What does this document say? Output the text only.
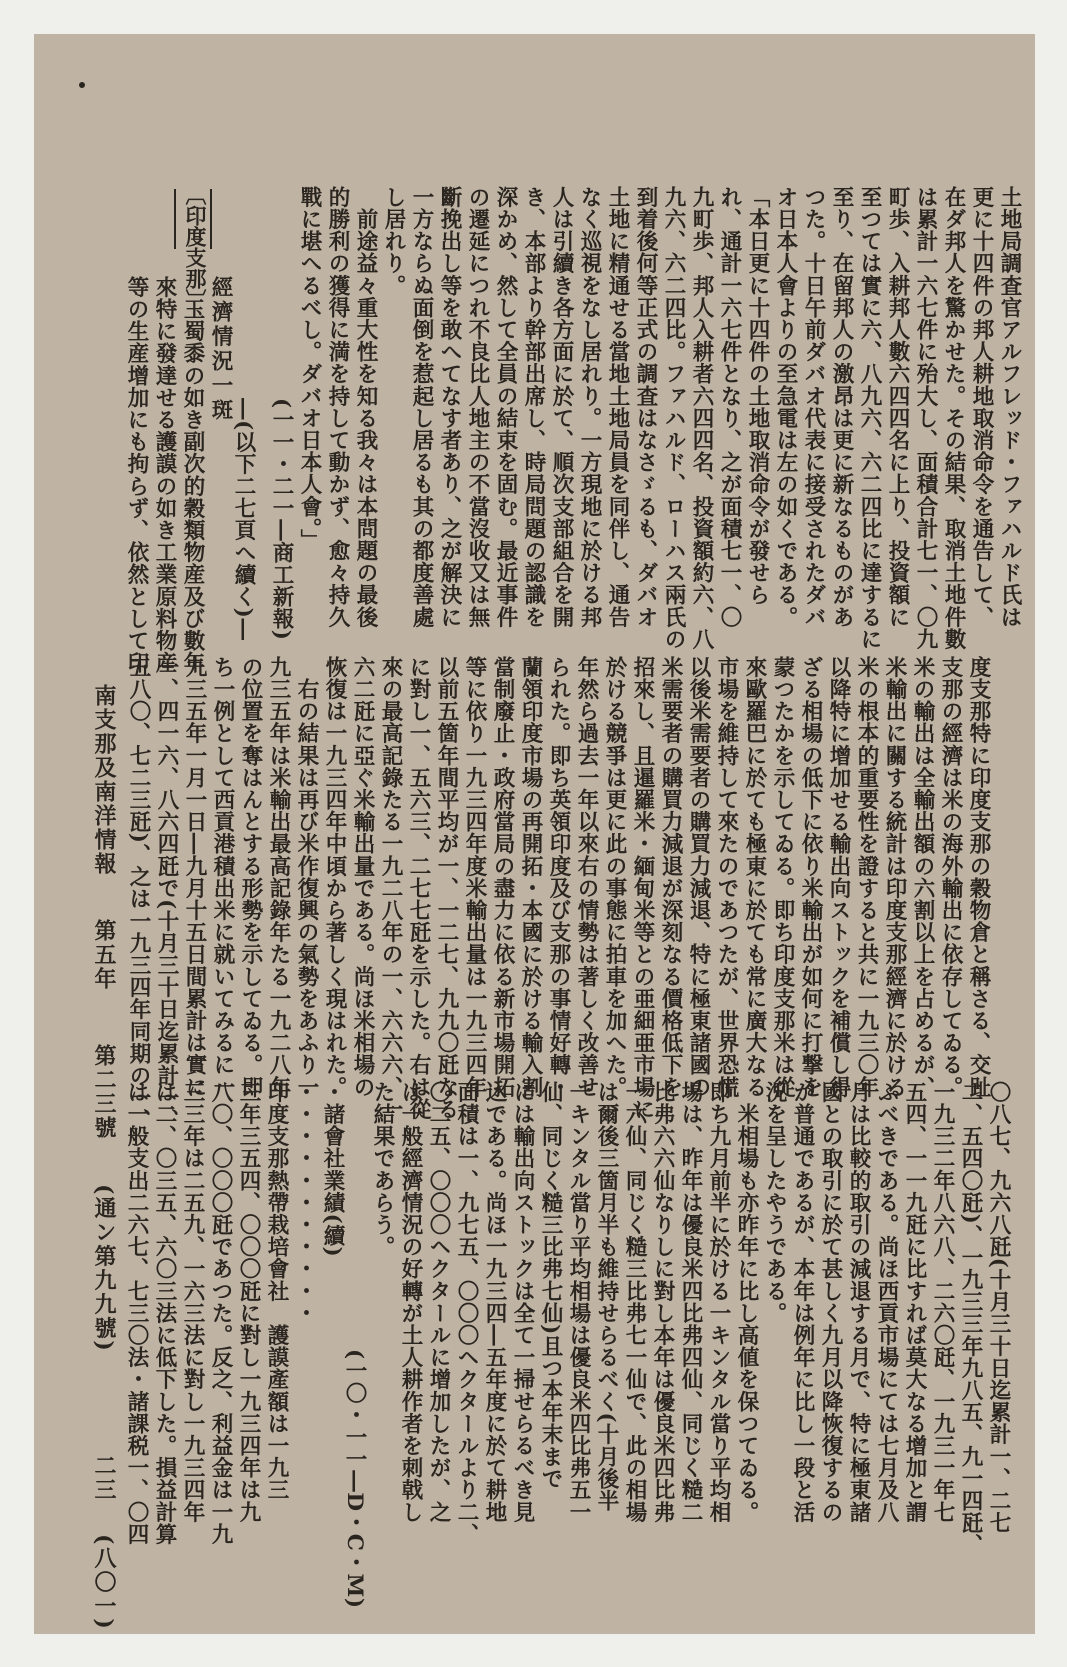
土地局調査官アルフレッド・ファハルド氏は
更に十四件の邦人耕地取消命令を通告して、
在ダ邦人を驚かせた。その結果、取消土地件數
は累計一六七件に殆大し、面積合計七一、〇九
町歩、入耕邦人數六四四名に上り、投資額に
至つては實に六、八九六、六二四比に達するに
至り、在留邦人の激昂は更に新なるものがあ
つた。十日午前ダバオ代表に接受されたダバ
オ日本人會よりの至急電は左の如くである。
「本日更に十四件の土地取消命令が發せら
れ、通計一六七件となり、之が面積七一、〇
九町歩、邦人入耕者六四四名、投資額約六、八
九六、六二四比。ファハルド、ローハス兩氏の
到着後何等正式の調査はなさゞるも、ダバオ
土地に精通せる當地土地局員を同伴し、通告
なく巡視をなし居れり。一方現地に於ける邦
人は引續き各方面に於て、順次支部組合を開
き、本部より幹部出席し、時局問題の認識を
深かめ、然して全員の結束を固む。最近事件
の遷延につれ不良比人地主の不當沒收又は無
斷挽出し等を敢へてなす者あり、之が解決に
一方ならぬ面倒を惹起し居るも其の都度善處
し居れり。
　前途益々重大性を知る我々は本問題の最後
的勝利の獲得に満を持して動かず、愈々持久
戰に堪へるべし。ダバオ日本人會。」
(一一・二一―商工新報)
―(以下二七頁へ續く)―
〔印度支那〕
經濟情況一斑
　玉蜀黍の如き副次的穀類物産及び數年
來特に發達せる護謨の如き工業原料物産
等の生産增加にも拘らず、依然として印
南支那及南洋情報
第五年
第二三號
(通ン第九九號)
二三
(八〇一)
度支那特に印度支那の穀物倉と稱さる、交趾
支那の經濟は米の海外輸出に依存してゐる。
米の輸出は全輸出額の六割以上を占めるが、
米輸出に關する統計は印度支那經濟に於ける
米の根本的重要性を證すると共に一九三〇年
以降特に增加せる輸出向ストックを補償し得
ざる相場の低下に依り米輸出が如何に打撃を
蒙つたかを示してゐる。即ち印度支那米は從
來歐羅巴に於ても極東に於ても常に廣大なる
市場を維持して來たのであつたが、世界恐慌
以後米需要者の購買力減退、特に極東諸國の
米需要者の購買力減退が深刻なる價格低下を
招來し、且暹羅米・緬甸米等との亜細亜市場に
於ける競爭は更に此の事態に拍車を加へた。
年然ら過去一年以來右の情勢は著しく改善せ
られた。即ち英領印度及び支那の事情好轉・
蘭領印度市場の再開拓・本國に於ける輸入割
當制廢止・政府當局の盡力に依る新市場開拓
等に依り一九三四年度米輸出量は一九三四年
以前五箇年間平均が一、一二七、九九〇瓩なる
に對し一、五六三、二七七瓩を示した。右は從
來の最高記錄たる一九二八年の一、六六六、一
六二瓩に亞ぐ米輸出量である。尚ほ米相場の
恢復は一九三四年中頃から著しく現はれた。
　右の結果は再び米作復興の氣勢をあふり一
九三五年は米輸出最高記錄年たる一九二八年
の位置を奪はんとする形勢を示してゐる。即
ち一例として西貢港積出米に就いてみるに一
九三五年一月一日―九月十五日間累計は實に
一、四一六、八六四瓩で(十月三十日迄累計一、
五八〇、七二三瓩)、之は一九三四年同期の一、
〇八七、九六八瓩(十月三十日迄累計一、二七
二、五四〇瓩)、一九三三年九八五、九一四瓩、
一九三二年八六八、二六〇瓩、一九三一年七
五四、一一九瓩に比すれば莫大なる增加と謂
ふべきである。尚ほ西貢市場にては七月及八
月は比較的取引の減退する月で、特に極東諸
國との取引に於て甚しく九月以降恢復するの
が普通であるが、本年は例年に比し一段と活
況を呈したやうである。
　米相場も亦昨年に比し高値を保つてゐる。
即ち九月前半に於ける一キンタル當り平均相
場は、昨年は優良米四比弗四仙、同じく糙二
比弗六六仙なりしに對し本年は優良米四比弗
一六仙、同じく糙三比弗七一仙で、此の相場
は爾後三箇月半も維持せらるべく(十月後半
一キンタル當り平均相場は優良米四比弗五一
仙、同じく糙三比弗七仙)且つ本年末まで
には輸出向ストックは全て一掃せらるべき見
込である。尚ほ一九三四―五年度に於て耕地
面積は一、九七五、〇〇〇ヘクタールより二、
〇二五、〇〇〇ヘクタールに增加したが、之
は一般經濟情況の好轉が土人耕作者を刺戟し
た結果であらう。
(一〇・一一―D・C・M)
・諸會社業績(續)
・・・・・・・・・・・
印度支那熱帶栽培會社　護謨產額は一九三
三年三五四、〇〇〇瓩に對し一九三四年は九
八〇、〇〇〇瓩であつた。反之、利益金は一九
三三年は二五九、一六三法に對し一九三四年
は二、〇三五、六〇三法に低下した。損益計算
は一般支出二六七、七三〇法・諸課税一、〇四
